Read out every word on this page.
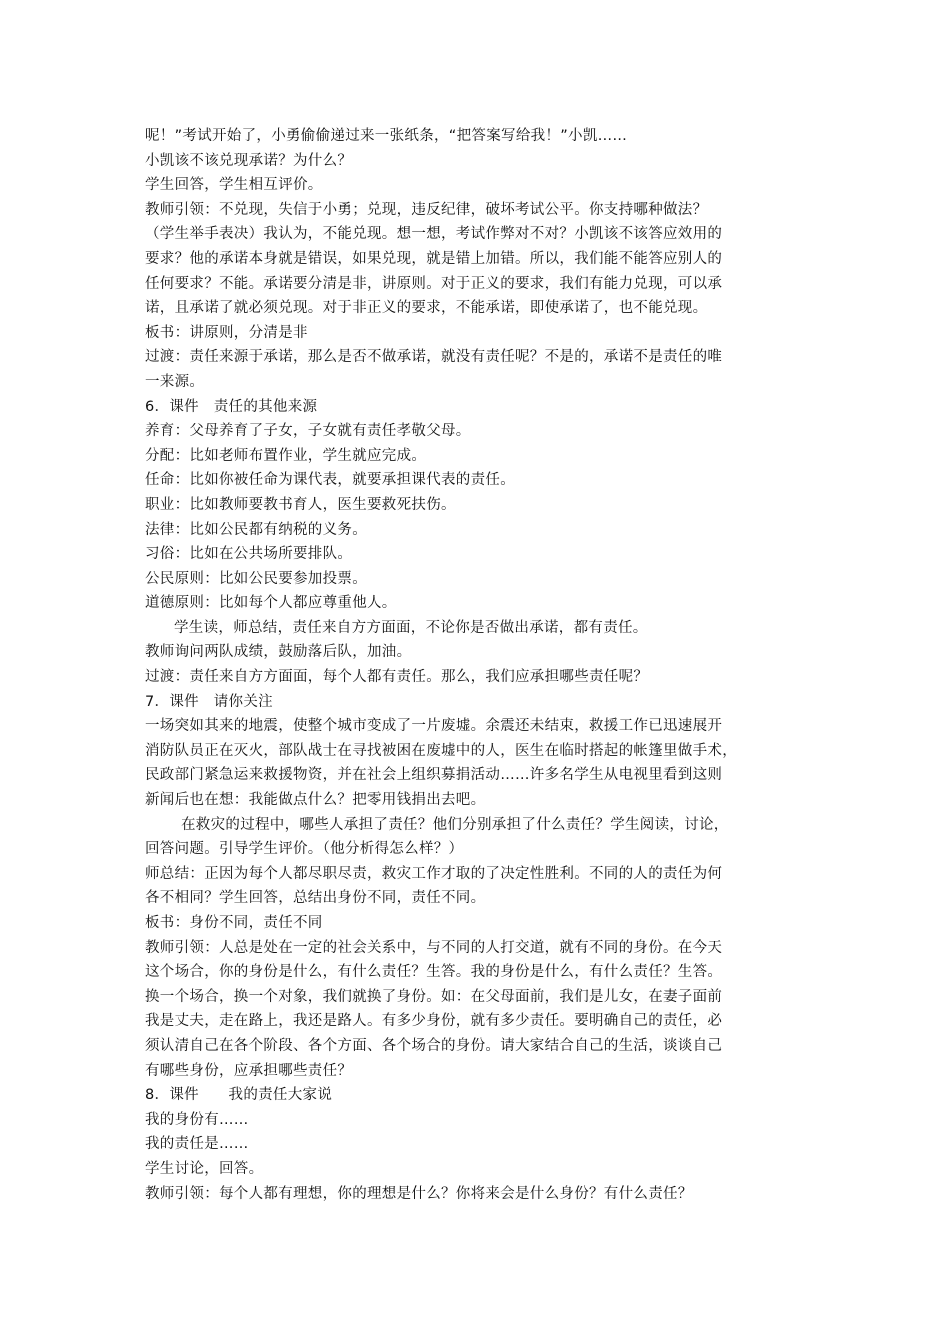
呢！”考试开始了，小勇偷偷递过来一张纸条，“把答案写给我！”小凯……
小凯该不该兑现承诺？为什么？
学生回答，学生相互评价。
教师引领：不兑现，失信于小勇；兑现，违反纪律，破坏考试公平。你支持哪种做法？
（学生举手表决）我认为，不能兑现。想一想，考试作弊对不对？小凯该不该答应效用的
要求？他的承诺本身就是错误，如果兑现，就是错上加错。所以，我们能不能答应别人的
任何要求？不能。承诺要分清是非，讲原则。对于正义的要求，我们有能力兑现，可以承
诺，且承诺了就必须兑现。对于非正义的要求，不能承诺，即使承诺了，也不能兑现。
板书：讲原则，分清是非
过渡：责任来源于承诺，那么是否不做承诺，就没有责任呢？不是的，承诺不是责任的唯
一来源。
6．课件　责任的其他来源
养育：父母养育了子女，子女就有责任孝敬父母。
分配：比如老师布置作业，学生就应完成。
任命：比如你被任命为课代表，就要承担课代表的责任。
职业：比如教师要教书育人，医生要救死扶伤。
法律：比如公民都有纳税的义务。
习俗：比如在公共场所要排队。
公民原则：比如公民要参加投票。
道德原则：比如每个人都应尊重他人。
学生读，师总结，责任来自方方面面，不论你是否做出承诺，都有责任。
教师询问两队成绩，鼓励落后队，加油。
过渡：责任来自方方面面，每个人都有责任。那么，我们应承担哪些责任呢？
7．课件　请你关注
一场突如其来的地震，使整个城市变成了一片废墟。余震还未结束，救援工作已迅速展开
消防队员正在灭火，部队战士在寻找被困在废墟中的人，医生在临时搭起的帐篷里做手术，
民政部门紧急运来救援物资，并在社会上组织募捐活动……许多名学生从电视里看到这则
新闻后也在想：我能做点什么？把零用钱捐出去吧。
在救灾的过程中，哪些人承担了责任？他们分别承担了什么责任？学生阅读，讨论，
回答问题。引导学生评价。（他分析得怎么样？）
师总结：正因为每个人都尽职尽责，救灾工作才取的了决定性胜利。不同的人的责任为何
各不相同？学生回答，总结出身份不同，责任不同。
板书：身份不同，责任不同
教师引领：人总是处在一定的社会关系中，与不同的人打交道，就有不同的身份。在今天
这个场合，你的身份是什么，有什么责任？生答。我的身份是什么，有什么责任？生答。
换一个场合，换一个对象，我们就换了身份。如：在父母面前，我们是儿女，在妻子面前
我是丈夫，走在路上，我还是路人。有多少身份，就有多少责任。要明确自己的责任，必
须认清自己在各个阶段、各个方面、各个场合的身份。请大家结合自己的生活，谈谈自己
有哪些身份，应承担哪些责任？
8．课件　　我的责任大家说
我的身份有……
我的责任是……
学生讨论，回答。
教师引领：每个人都有理想，你的理想是什么？你将来会是什么身份？有什么责任？
